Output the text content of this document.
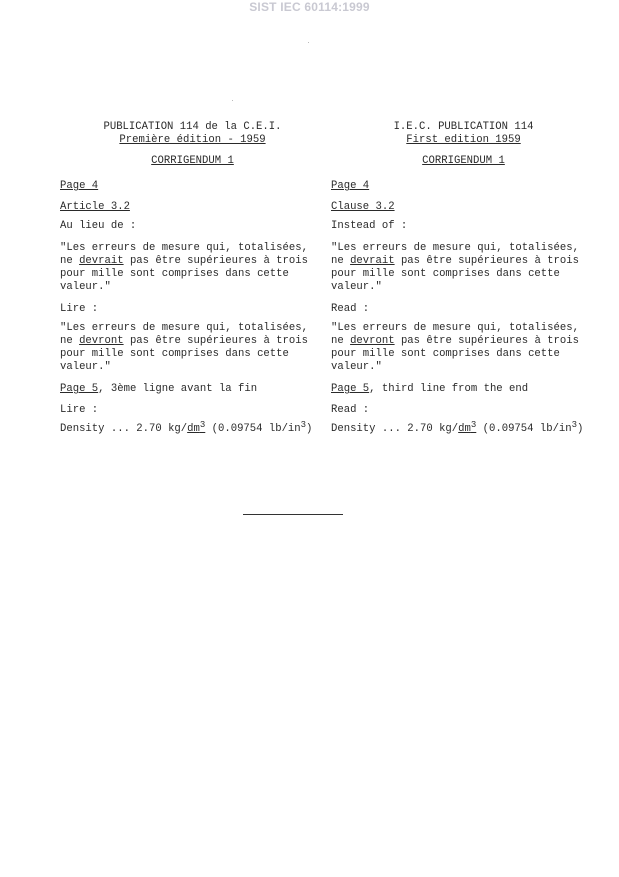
SIST IEC 60114:1999
PUBLICATION 114 de la C.E.I.
Première édition - 1959
CORRIGENDUM 1

Page 4

Article 3.2

Au lieu de :

"Les erreurs de mesure qui, totalisées,

ne devrait pas être supérieures à trois

pour mille sont comprises dans cette

valeur."

Lire :

"Les erreurs de mesure qui, totalisées,

ne devront pas être supérieures à trois

pour mille sont comprises dans cette

valeur."

Page 5, 3ème ligne avant la fin

Lire :

Density ... 2.70 $kg/dm^3$ (0.09754 $lb/in^3$)

I.E.C. PUBLICATION 114
First edition 1959
CORRIGENDUM 1

Page 4

Clause 3.2

Instead of :

"Les erreurs de mesure qui, totalisées,

ne devrait pas être supérieures à trois

pour mille sont comprises dans cette

valeur."

Read :

"Les erreurs de mesure qui, totalisées,

ne devront pas être supérieures à trois

pour mille sont comprises dans cette

valeur."

Page 5, third line from the end

Read :

Density ... 2.70 $kg/dm^3$ (0.09754 $lb/in^3$)
